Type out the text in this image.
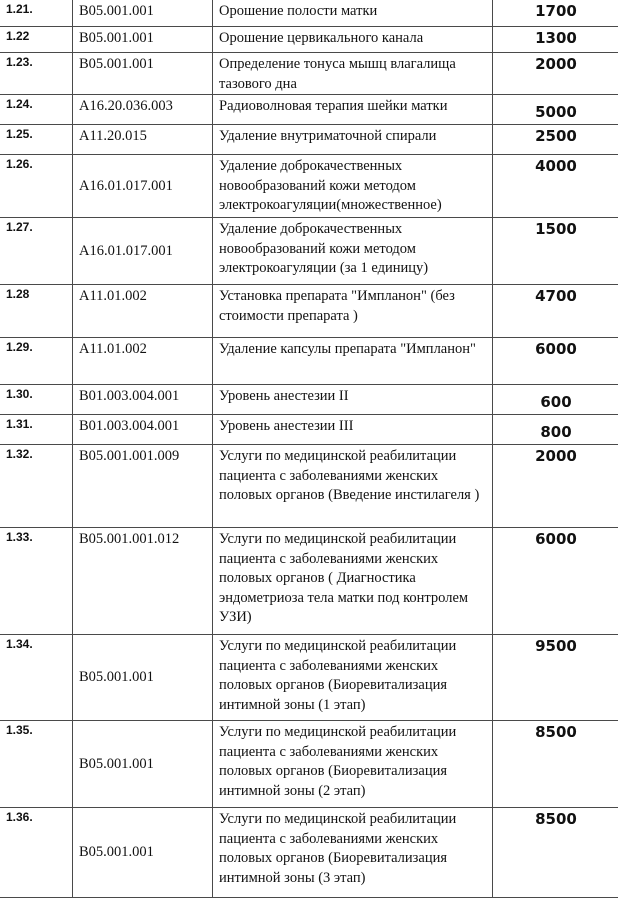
1.21.	B05.001.001	Орошение полости матки	1700
1.22	B05.001.001	Орошение цервикального канала	1300
1.23.	B05.001.001	Определение тонуса мышц влагалища тазового дна	2000
1.24.	A16.20.036.003	Радиоволновая терапия шейки матки	5000
1.25.	A11.20.015	Удаление внутриматочной спирали	2500
1.26.	A16.01.017.001	Удаление доброкачественных новообразований кожи методом электрокоагуляции(множественное)	4000
1.27.	A16.01.017.001	Удаление доброкачественных новообразований кожи методом электрокоагуляции (за 1 единицу)	1500
1.28	A11.01.002	Установка препарата "Импланон" (без стоимости препарата )	4700
1.29.	A11.01.002	Удаление капсулы препарата "Импланон"	6000
1.30.	B01.003.004.001	Уровень анестезии II	600
1.31.	B01.003.004.001	Уровень анестезии III	800
1.32.	B05.001.001.009	Услуги по медицинской реабилитации пациента с заболеваниями женских половых органов (Введение инстилагеля )	2000
1.33.	B05.001.001.012	Услуги по медицинской реабилитации пациента с заболеваниями женских половых органов ( Диагностика эндометриоза тела матки под контролем УЗИ)	6000
1.34.	B05.001.001	Услуги по медицинской реабилитации пациента с заболеваниями женских половых органов (Биоревитализация интимной зоны (1 этап)	9500
1.35.	B05.001.001	Услуги по медицинской реабилитации пациента с заболеваниями женских половых органов (Биоревитализация интимной зоны (2 этап)	8500
1.36.	B05.001.001	Услуги по медицинской реабилитации пациента с заболеваниями женских половых органов (Биоревитализация интимной зоны (3 этап)	8500
